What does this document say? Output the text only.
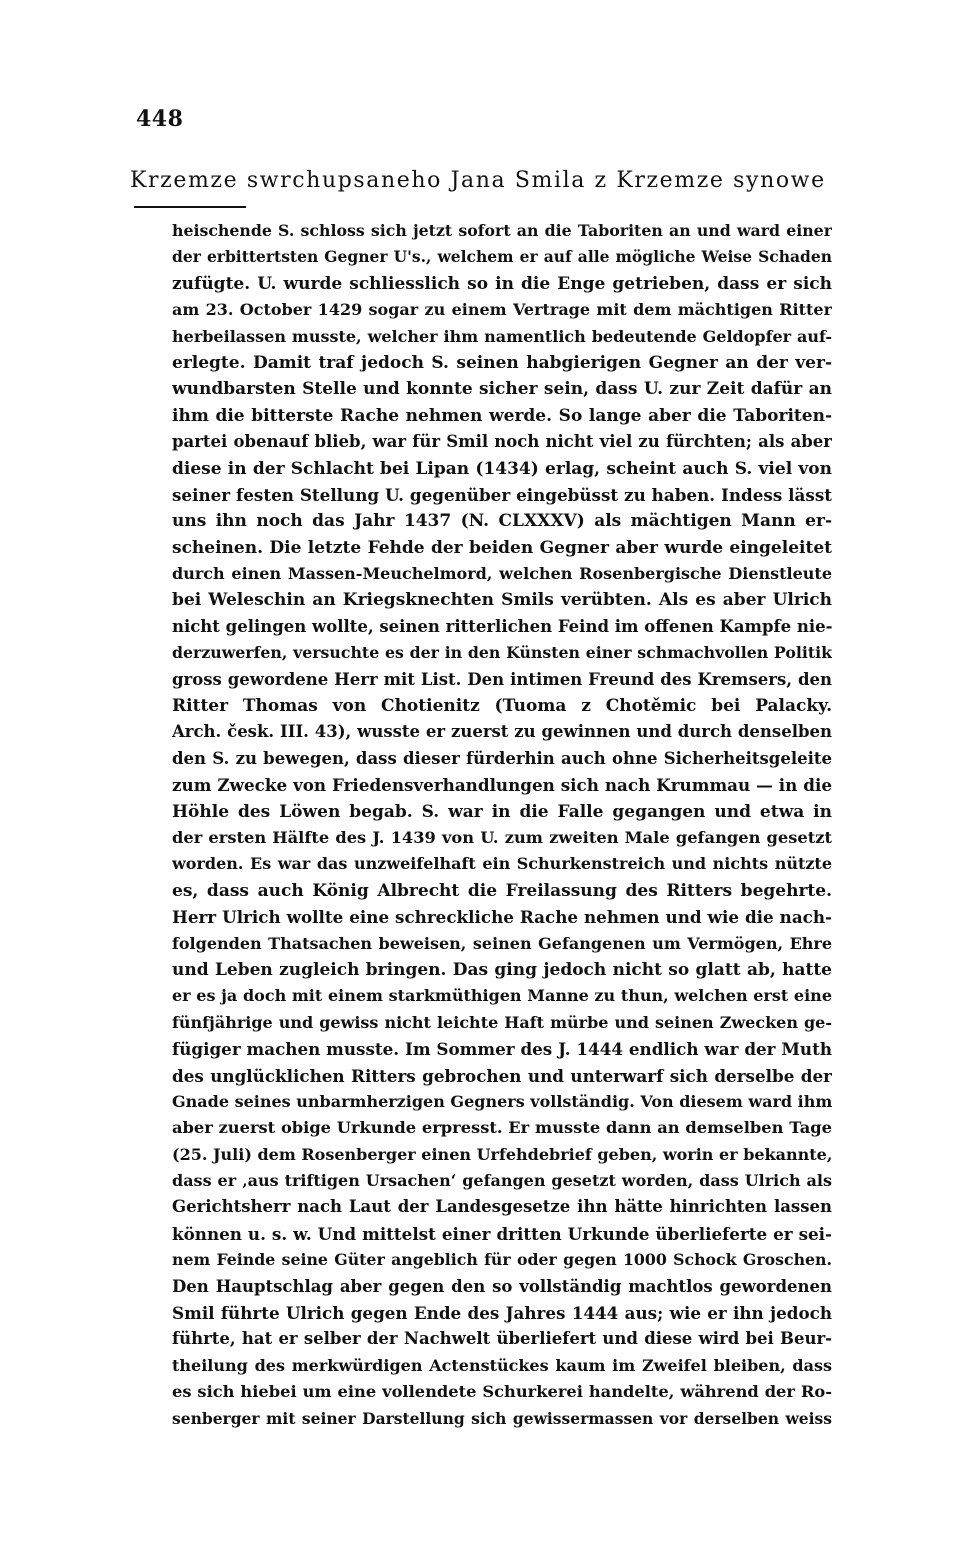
448
Krzemze swrchupsaneho Jana Smila z Krzemze synowe
heischende S. schloss sich jetzt sofort an die Taboriten an und ward einer
der erbittertsten Gegner U's., welchem er auf alle mögliche Weise Schaden
zufügte. U. wurde schliesslich so in die Enge getrieben, dass er sich
am 23. October 1429 sogar zu einem Vertrage mit dem mächtigen Ritter
herbeilassen musste, welcher ihm namentlich bedeutende Geldopfer auf-
erlegte. Damit traf jedoch S. seinen habgierigen Gegner an der ver-
wundbarsten Stelle und konnte sicher sein, dass U. zur Zeit dafür an
ihm die bitterste Rache nehmen werde. So lange aber die Taboriten-
partei obenauf blieb, war für Smil noch nicht viel zu fürchten; als aber
diese in der Schlacht bei Lipan (1434) erlag, scheint auch S. viel von
seiner festen Stellung U. gegenüber eingebüsst zu haben. Indess lässt
uns ihn noch das Jahr 1437 (N. CLXXXV) als mächtigen Mann er-
scheinen. Die letzte Fehde der beiden Gegner aber wurde eingeleitet
durch einen Massen-Meuchelmord, welchen Rosenbergische Dienstleute
bei Weleschin an Kriegsknechten Smils verübten. Als es aber Ulrich
nicht gelingen wollte, seinen ritterlichen Feind im offenen Kampfe nie-
derzuwerfen, versuchte es der in den Künsten einer schmachvollen Politik
gross gewordene Herr mit List. Den intimen Freund des Kremsers, den
Ritter Thomas von Chotienitz (Tuoma z Chotěmic bei Palacky.
Arch. česk. III. 43), wusste er zuerst zu gewinnen und durch denselben
den S. zu bewegen, dass dieser fürderhin auch ohne Sicherheitsgeleite
zum Zwecke von Friedensverhandlungen sich nach Krummau — in die
Höhle des Löwen begab. S. war in die Falle gegangen und etwa in
der ersten Hälfte des J. 1439 von U. zum zweiten Male gefangen gesetzt
worden. Es war das unzweifelhaft ein Schurkenstreich und nichts nützte
es, dass auch König Albrecht die Freilassung des Ritters begehrte.
Herr Ulrich wollte eine schreckliche Rache nehmen und wie die nach-
folgenden Thatsachen beweisen, seinen Gefangenen um Vermögen, Ehre
und Leben zugleich bringen. Das ging jedoch nicht so glatt ab, hatte
er es ja doch mit einem starkmüthigen Manne zu thun, welchen erst eine
fünfjährige und gewiss nicht leichte Haft mürbe und seinen Zwecken ge-
fügiger machen musste. Im Sommer des J. 1444 endlich war der Muth
des unglücklichen Ritters gebrochen und unterwarf sich derselbe der
Gnade seines unbarmherzigen Gegners vollständig. Von diesem ward ihm
aber zuerst obige Urkunde erpresst. Er musste dann an demselben Tage
(25. Juli) dem Rosenberger einen Urfehdebrief geben, worin er bekannte,
dass er ‚aus triftigen Ursachen‘ gefangen gesetzt worden, dass Ulrich als
Gerichtsherr nach Laut der Landesgesetze ihn hätte hinrichten lassen
können u. s. w. Und mittelst einer dritten Urkunde überlieferte er sei-
nem Feinde seine Güter angeblich für oder gegen 1000 Schock Groschen.
Den Hauptschlag aber gegen den so vollständig machtlos gewordenen
Smil führte Ulrich gegen Ende des Jahres 1444 aus; wie er ihn jedoch
führte, hat er selber der Nachwelt überliefert und diese wird bei Beur-
theilung des merkwürdigen Actenstückes kaum im Zweifel bleiben, dass
es sich hiebei um eine vollendete Schurkerei handelte, während der Ro-
senberger mit seiner Darstellung sich gewissermassen vor derselben weiss
